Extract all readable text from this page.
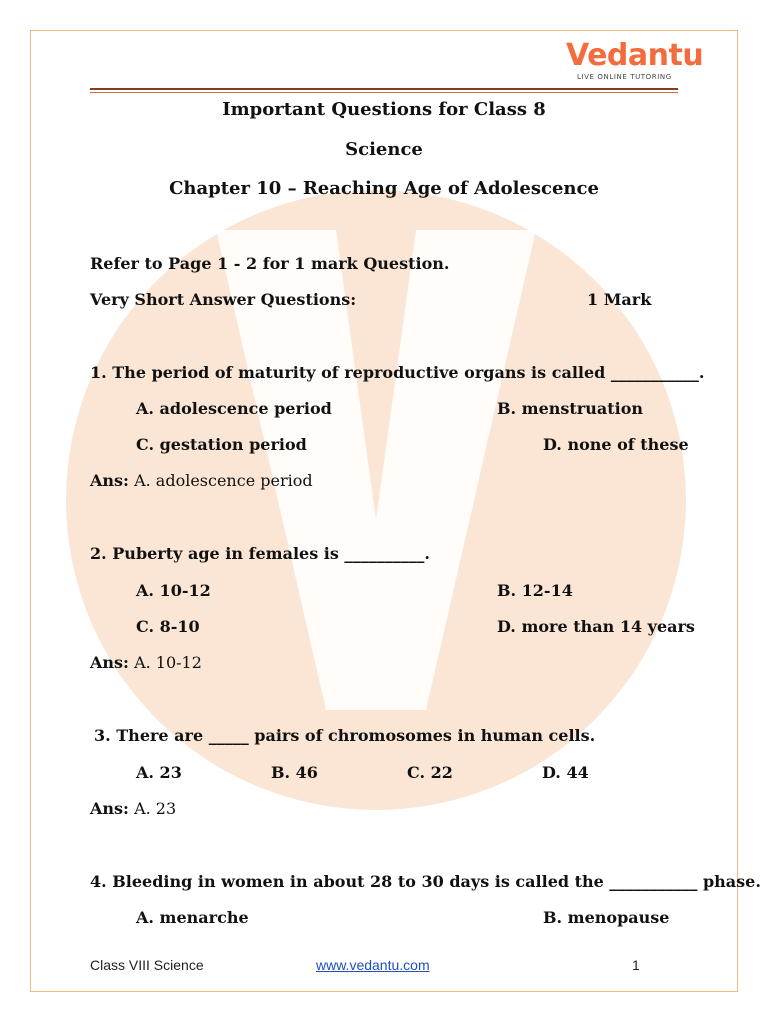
Vedantu
LIVE ONLINE TUTORING
Important Questions for Class 8
Science
Chapter 10 – Reaching Age of Adolescence
Refer to Page 1 - 2 for 1 mark Question.
Very Short Answer Questions:	1 Mark
1. The period of maturity of reproductive organs is called ___________.
A. adolescence period	B. menstruation
C. gestation period	D. none of these
Ans: A. adolescence period
2. Puberty age in females is __________.
A. 10-12	B. 12-14
C. 8-10	D. more than 14 years
Ans: A. 10-12
3. There are _____ pairs of chromosomes in human cells.
A. 23	B. 46	C. 22	D. 44
Ans: A. 23
4. Bleeding in women in about 28 to 30 days is called the ___________ phase.
A. menarche	B. menopause
Class VIII Science	www.vedantu.com	1
